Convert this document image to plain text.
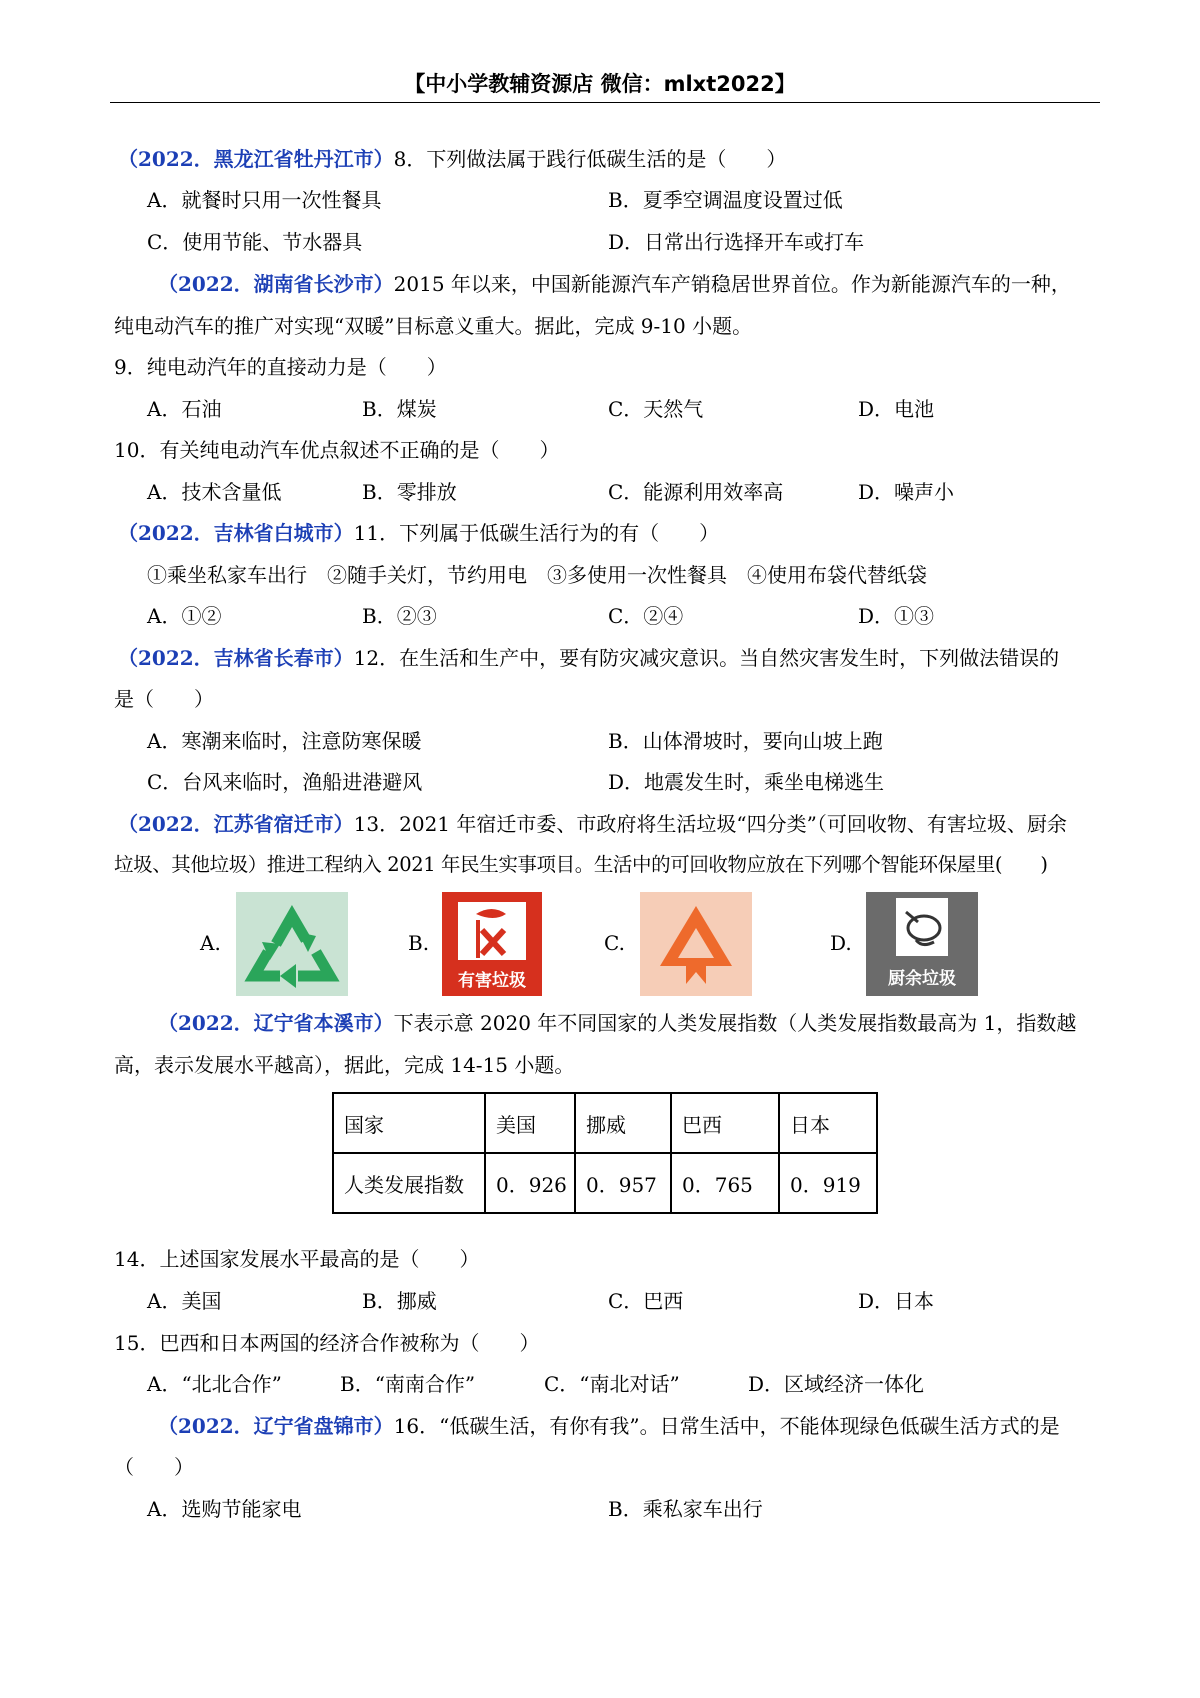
【中小学教辅资源店 微信：mlxt2022】
（2022．黑龙江省牡丹江市）8．下列做法属于践行低碳生活的是（　　）
A．就餐时只用一次性餐具	B．夏季空调温度设置过低
C．使用节能、节水器具	D．日常出行选择开车或打车
（2022．湖南省长沙市）2015 年以来，中国新能源汽车产销稳居世界首位。作为新能源汽车的一种，
纯电动汽车的推广对实现“双暖”目标意义重大。据此，完成 9-10 小题。
9．纯电动汽年的直接动力是（　　）
A．石油	B．煤炭	C．天然气	D．电池
10．有关纯电动汽车优点叙述不正确的是（　　）
A．技术含量低	B．零排放	C．能源利用效率高	D．噪声小
（2022．吉林省白城市）11．下列属于低碳生活行为的有（　　）
①乘坐私家车出行　②随手关灯，节约用电　③多使用一次性餐具　④使用布袋代替纸袋
A．①②	B．②③	C．②④	D．①③
（2022．吉林省长春市）12．在生活和生产中，要有防灾减灾意识。当自然灾害发生时，下列做法错误的
是（　　）
A．寒潮来临时，注意防寒保暖	B．山体滑坡时，要向山坡上跑
C．台风来临时，渔船进港避风	D．地震发生时，乘坐电梯逃生
（2022．江苏省宿迁市）13．2021 年宿迁市委、市政府将生活垃圾“四分类”（可回收物、有害垃圾、厨余
垃圾、其他垃圾）推进工程纳入 2021 年民生实事项目。生活中的可回收物应放在下列哪个智能环保屋里(　　)
A.	B.
有害垃圾
C.	D.
厨余垃圾
（2022．辽宁省本溪市）下表示意 2020 年不同国家的人类发展指数（人类发展指数最高为 1，指数越
高，表示发展水平越高），据此，完成 14-15 小题。
国家	美国	挪威	巴西	日本
人类发展指数	0．926	0．957	0．765	0．919
14．上述国家发展水平最高的是（　　）
A．美国	B．挪威	C．巴西	D．日本
15．巴西和日本两国的经济合作被称为（　　）
A．“北北合作”	B．“南南合作”	C．“南北对话”	D．区域经济一体化
（2022．辽宁省盘锦市）16．“低碳生活，有你有我”。日常生活中，不能体现绿色低碳生活方式的是
（　　）
A．选购节能家电	B．乘私家车出行
